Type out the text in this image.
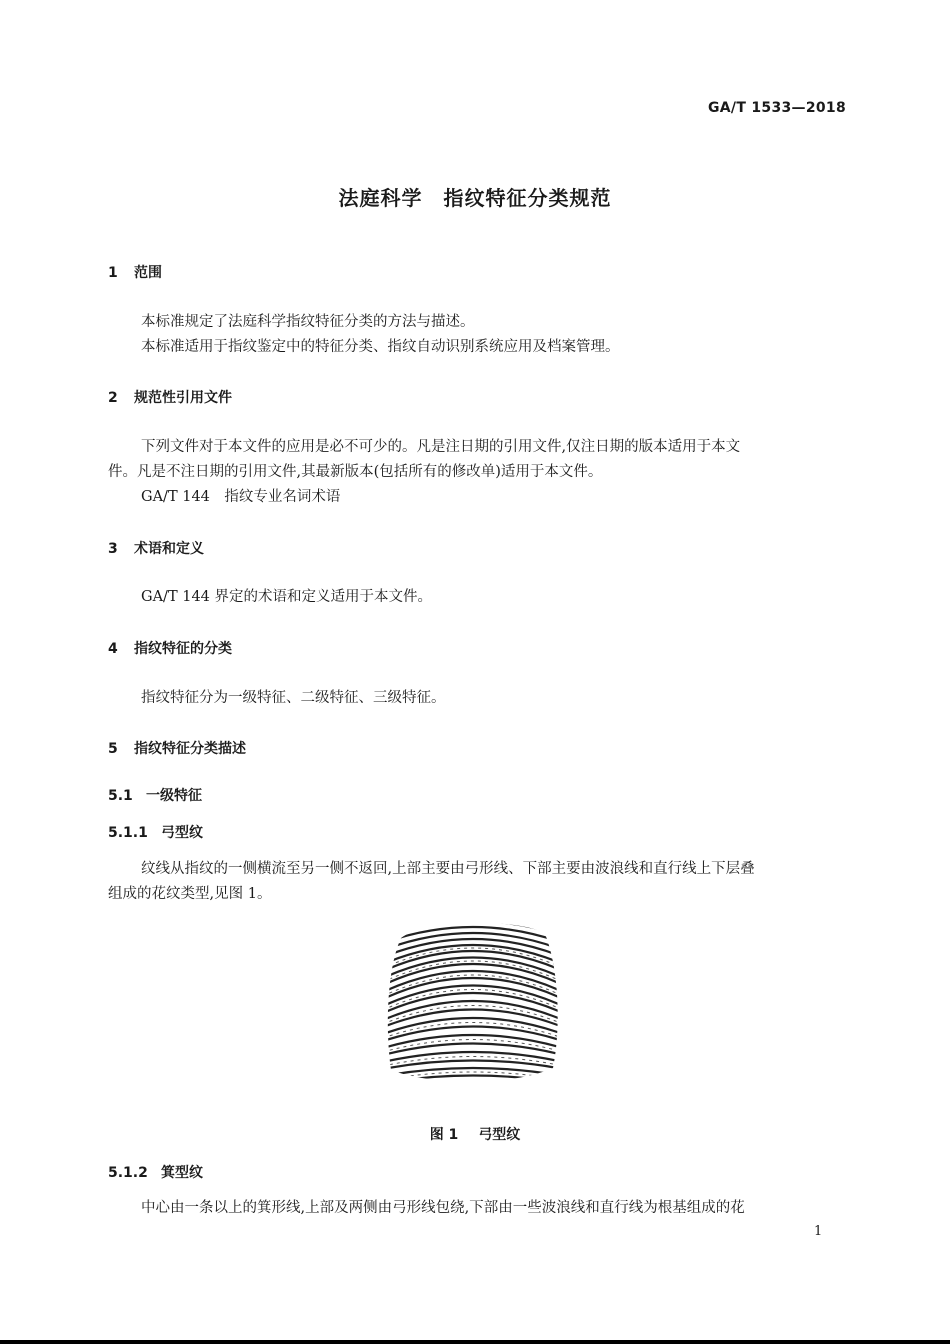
GA/T 1533—2018
法庭科学　指纹特征分类规范
1 范围
本标准规定了法庭科学指纹特征分类的方法与描述。
本标准适用于指纹鉴定中的特征分类、指纹自动识别系统应用及档案管理。
2 规范性引用文件
下列文件对于本文件的应用是必不可少的。凡是注日期的引用文件,仅注日期的版本适用于本文
件。凡是不注日期的引用文件,其最新版本(包括所有的修改单)适用于本文件。
GA/T 144　指纹专业名词术语
3 术语和定义
GA/T 144 界定的术语和定义适用于本文件。
4 指纹特征的分类
指纹特征分为一级特征、二级特征、三级特征。
5 指纹特征分类描述
5.1 一级特征
5.1.1 弓型纹
纹线从指纹的一侧横流至另一侧不返回,上部主要由弓形线、下部主要由波浪线和直行线上下层叠
组成的花纹类型,见图 1。
图 1 弓型纹
5.1.2 箕型纹
中心由一条以上的箕形线,上部及两侧由弓形线包绕,下部由一些波浪线和直行线为根基组成的花
1
